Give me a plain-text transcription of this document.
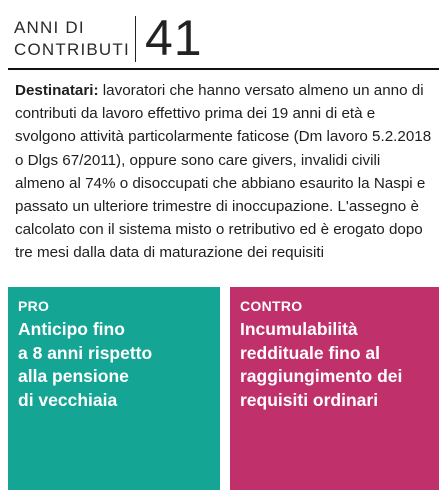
ANNI DI
CONTRIBUTI 41
Destinatari: lavoratori che hanno versato almeno un anno di contributi da lavoro effettivo prima dei 19 anni di età e svolgono attività particolarmente faticose (Dm lavoro 5.2.2018 o Dlgs 67/2011), oppure sono care givers, invalidi civili almeno al 74% o disoccupati che abbiano esaurito la Naspi e passato un ulteriore trimestre di inoccupazione. L'assegno è calcolato con il sistema misto o retributivo ed è erogato dopo tre mesi dalla data di maturazione dei requisiti
PRO
Anticipo fino
a 8 anni rispetto
alla pensione
di vecchiaia
CONTRO
Incumulabilità
reddituale fino al
raggiungimento dei
requisiti ordinari
